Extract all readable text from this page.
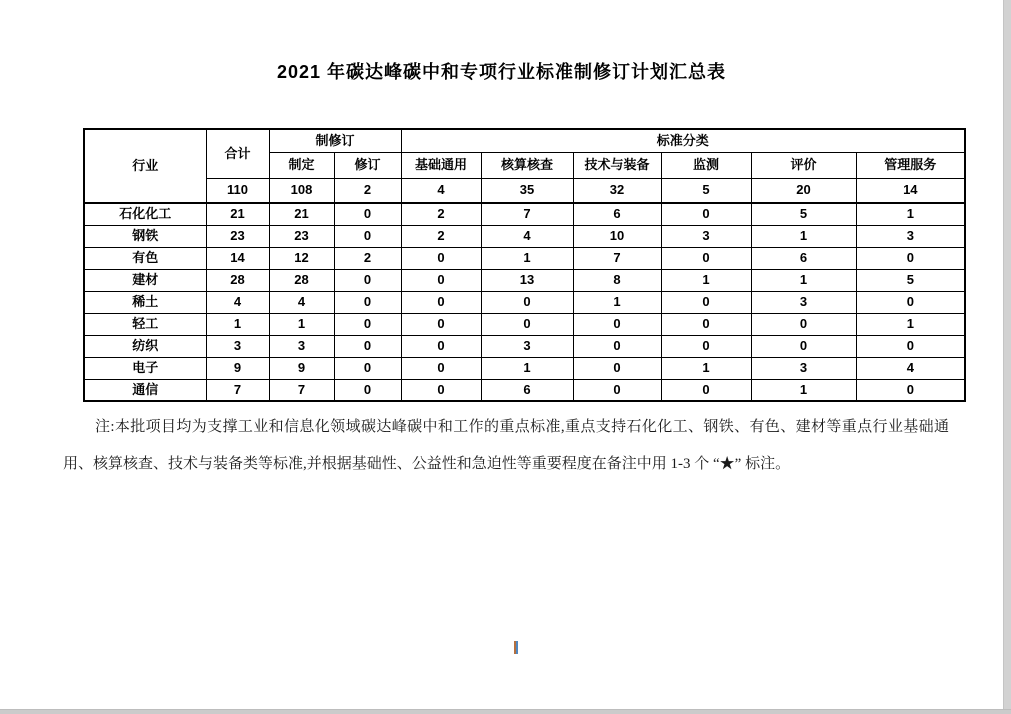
2021 年碳达峰碳中和专项行业标准制修订计划汇总表
行业	合计	制修订		标准分类					
		制定	修订	基础通用	核算核查	技术与装备	监测	评价	管理服务
	110	108	2	4	35	32	5	20	14
石化化工	21	21	0	2	7	6	0	5	1
钢铁	23	23	0	2	4	10	3	1	3
有色	14	12	2	0	1	7	0	6	0
建材	28	28	0	0	13	8	1	1	5
稀土	4	4	0	0	0	1	0	3	0
轻工	1	1	0	0	0	0	0	0	1
纺织	3	3	0	0	3	0	0	0	0
电子	9	9	0	0	1	0	1	3	4
通信	7	7	0	0	6	0	0	1	0

注:本批项目均为支撑工业和信息化领域碳达峰碳中和工作的重点标准,重点支持石化化工、钢铁、有色、建材等重点行业基础通用、核算核查、技术与装备类等标准,并根据基础性、公益性和急迫性等重要程度在备注中用 1-3 个 “★” 标注。
